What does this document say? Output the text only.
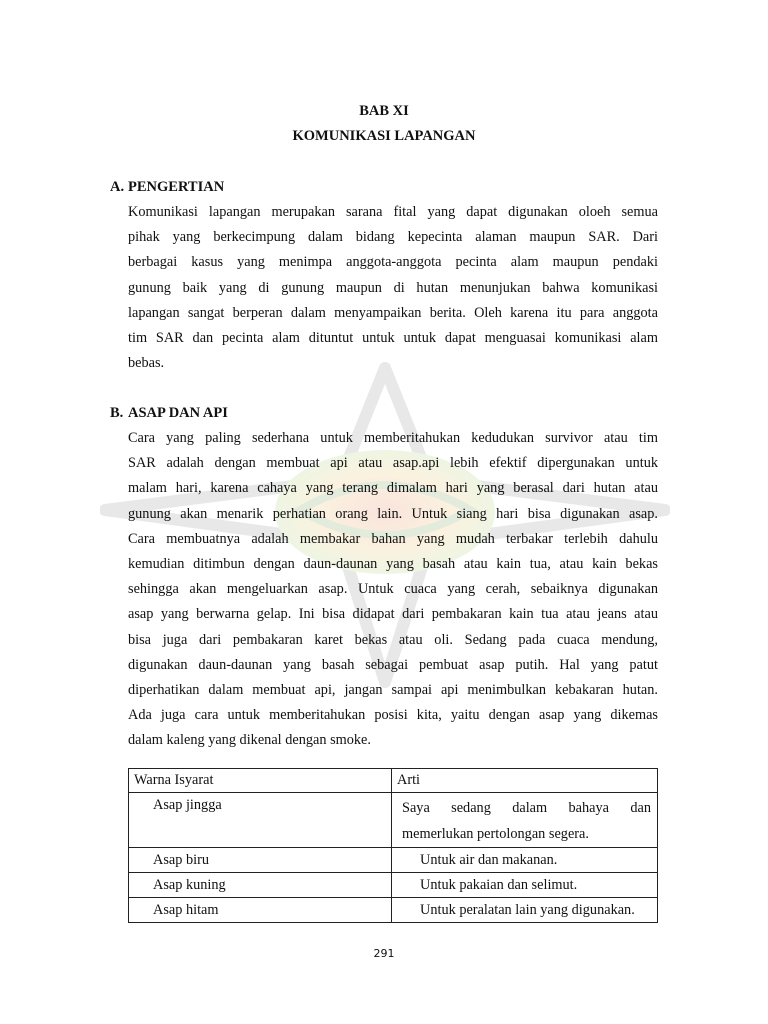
BAB XI
KOMUNIKASI LAPANGAN
A. PENGERTIAN
Komunikasi lapangan merupakan sarana fital yang dapat digunakan oloeh semua
pihak yang berkecimpung dalam bidang kepecinta alaman maupun SAR. Dari
berbagai kasus yang menimpa anggota-anggota pecinta alam maupun pendaki
gunung baik yang di gunung maupun di hutan menunjukan bahwa komunikasi
lapangan sangat berperan dalam menyampaikan berita. Oleh karena itu para anggota
tim SAR dan pecinta alam dituntut untuk untuk dapat menguasai komunikasi alam
bebas.
B. ASAP DAN API
Cara yang paling sederhana untuk memberitahukan kedudukan survivor atau tim
SAR adalah dengan membuat api atau asap.api lebih efektif dipergunakan untuk
malam hari, karena cahaya yang terang dimalam hari yang berasal dari hutan atau
gunung akan menarik perhatian orang lain. Untuk siang hari bisa digunakan asap.
Cara membuatnya adalah membakar bahan yang mudah terbakar terlebih dahulu
kemudian ditimbun dengan daun-daunan yang basah atau kain tua, atau kain bekas
sehingga akan mengeluarkan asap. Untuk cuaca yang cerah, sebaiknya digunakan
asap yang berwarna gelap. Ini bisa didapat dari pembakaran kain tua atau jeans atau
bisa juga dari pembakaran karet bekas atau oli. Sedang pada cuaca mendung,
digunakan daun-daunan yang basah sebagai pembuat asap putih. Hal yang patut
diperhatikan dalam membuat api, jangan sampai api menimbulkan kebakaran hutan.
Ada juga cara untuk memberitahukan posisi kita, yaitu dengan asap yang dikemas
dalam kaleng yang dikenal dengan smoke.
Warna Isyarat	Arti

Asap jingga	Saya sedang dalam bahaya dan
memerlukan pertolongan segera.

Asap biru	Untuk air dan makanan.

Asap kuning	Untuk pakaian dan selimut.

Asap hitam	Untuk peralatan lain yang digunakan.
291
